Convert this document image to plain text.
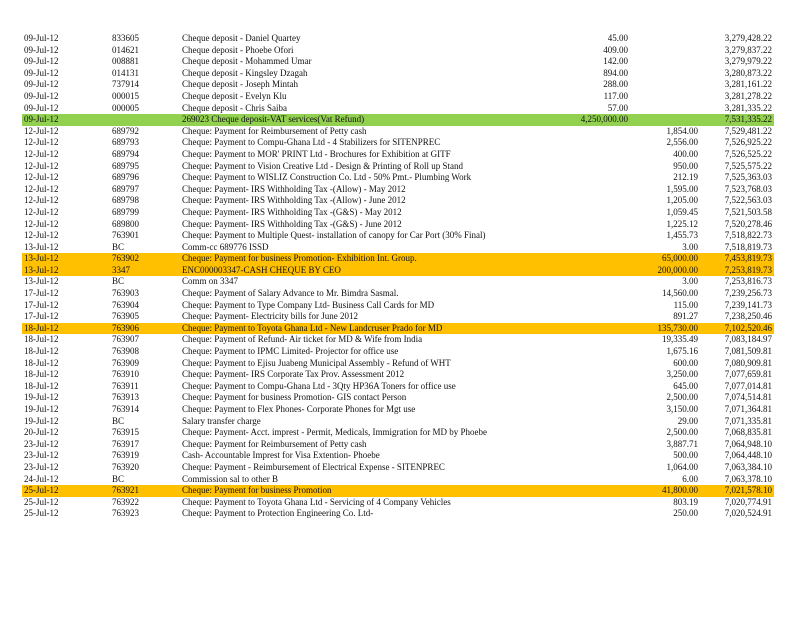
09-Jul-12	833605	Cheque deposit - Daniel Quartey	45.00		3,279,428.22
09-Jul-12	014621	Cheque deposit - Phoebe Ofori	409.00		3,279,837.22
09-Jul-12	008881	Cheque deposit - Mohammed Umar	142.00		3,279,979.22
09-Jul-12	014131	Cheque deposit - Kingsley Dzagah	894.00		3,280,873.22
09-Jul-12	737914	Cheque deposit - Joseph Mintah	288.00		3,281,161.22
09-Jul-12	000015	Cheque deposit - Evelyn Klu	117.00		3,281,278.22
09-Jul-12	000005	Cheque deposit - Chris Saiba	57.00		3,281,335.22
09-Jul-12		269023 Cheque deposit-VAT services(Vat Refund)	4,250,000.00		7,531,335.22
12-Jul-12	689792	Cheque: Payment for Reimbursement of Petty cash		1,854.00	7,529,481.22
12-Jul-12	689793	Cheque: Payment to Compu-Ghana Ltd - 4 Stabilizers for SITENPREC		2,556.00	7,526,925.22
12-Jul-12	689794	Cheque: Payment to MOR' PRINT Ltd - Brochures for Exhibition at GITF		400.00	7,526,525.22
12-Jul-12	689795	Cheque: Payment to Vision Creative Ltd - Design & Printing of Roll up Stand		950.00	7,525,575.22
12-Jul-12	689796	Cheque: Payment to WISLIZ Construction Co. Ltd - 50% Pmt.- Plumbing Work		212.19	7,525,363.03
12-Jul-12	689797	Cheque: Payment- IRS Withholding Tax -(Allow) - May 2012		1,595.00	7,523,768.03
12-Jul-12	689798	Cheque: Payment- IRS Withholding Tax -(Allow) - June 2012		1,205.00	7,522,563.03
12-Jul-12	689799	Cheque: Payment- IRS Withholding Tax -(G&S) - May 2012		1,059.45	7,521,503.58
12-Jul-12	689800	Cheque: Payment- IRS Withholding Tax -(G&S) - June 2012		1,225.12	7,520,278.46
12-Jul-12	763901	Cheque: Payment to Multiple Quest- installation of canopy for Car Port (30% Final)		1,455.73	7,518,822.73
13-Jul-12	BC	Comm-cc 689776 ISSD		3.00	7,518,819.73
13-Jul-12	763902	Cheque: Payment for business Promotion- Exhibition Int. Group.		65,000.00	7,453,819.73
13-Jul-12	3347	ENC000003347-CASH CHEQUE BY CEO		200,000.00	7,253,819.73
13-Jul-12	BC	Comm on 3347		3.00	7,253,816.73
17-Jul-12	763903	Cheque: Payment of Salary Advance to Mr. Bimdra Sasmal.		14,560.00	7,239,256.73
17-Jul-12	763904	Cheque: Payment to Type Company Ltd- Business Call Cards for MD		115.00	7,239,141.73
17-Jul-12	763905	Cheque: Payment- Electricity bills for June 2012		891.27	7,238,250.46
18-Jul-12	763906	Cheque: Payment to Toyota Ghana Ltd - New Landcruser Prado for MD		135,730.00	7,102,520.46
18-Jul-12	763907	Cheque: Payment of Refund- Air ticket for MD & Wife from India		19,335.49	7,083,184.97
18-Jul-12	763908	Cheque: Payment to IPMC Limited- Projector for office use		1,675.16	7,081,509.81
18-Jul-12	763909	Cheque: Payment to Ejisu Juabeng Municipal Assembly - Refund of WHT		600.00	7,080,909.81
18-Jul-12	763910	Cheque: Payment- IRS Corporate Tax Prov. Assessment 2012		3,250.00	7,077,659.81
18-Jul-12	763911	Cheque: Payment to Compu-Ghana Ltd - 3Qty HP36A Toners for office use		645.00	7,077,014.81
19-Jul-12	763913	Cheque: Payment for business Promotion- GIS contact Person		2,500.00	7,074,514.81
19-Jul-12	763914	Cheque: Payment to Flex Phones- Corporate Phones for Mgt use		3,150.00	7,071,364.81
19-Jul-12	BC	Salary transfer charge		29.00	7,071,335.81
20-Jul-12	763915	Cheque: Payment- Acct. imprest - Permit, Medicals, Immigration for MD by Phoebe		2,500.00	7,068,835.81
23-Jul-12	763917	Cheque: Payment for Reimbursement of Petty cash		3,887.71	7,064,948.10
23-Jul-12	763919	Cash- Accountable Imprest for Visa Extention- Phoebe		500.00	7,064,448.10
23-Jul-12	763920	Cheque: Payment - Reimbursement of Electrical Expense - SITENPREC		1,064.00	7,063,384.10
24-Jul-12	BC	Commission sal to other B		6.00	7,063,378.10
25-Jul-12	763921	Cheque: Payment for business Promotion		41,800.00	7,021,578.10
25-Jul-12	763922	Cheque: Payment to Toyota Ghana Ltd - Servicing of 4 Company Vehicles		803.19	7,020,774.91
25-Jul-12	763923	Cheque: Payment to Protection Engineering Co. Ltd-		250.00	7,020,524.91
